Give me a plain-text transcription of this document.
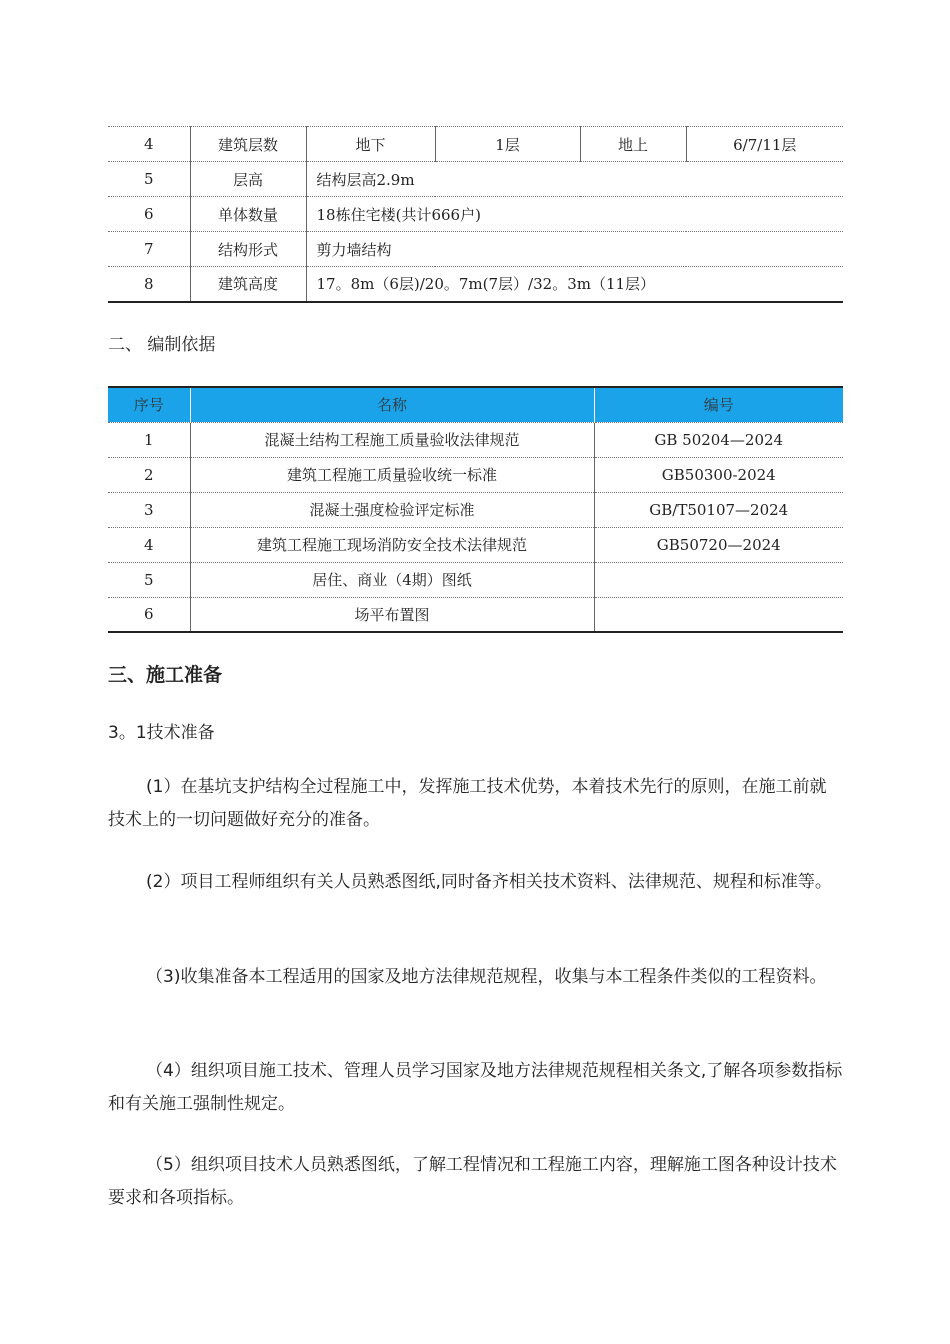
4	建筑层数	地下	1层	地上	6/7/11层
5	层高	结构层高2.9m			
6	单体数量	18栋住宅楼(共计666户)			
7	结构形式	剪力墙结构			
8	建筑高度	17。8m（6层)/20。7m(7层）/32。3m（11层）			
二、 编制依据
序号	名称	编号
1	混凝土结构工程施工质量验收法律规范	GB 50204—2024
2	建筑工程施工质量验收统一标准	GB50300-2024
3	混凝土强度检验评定标准	GB/T50107—2024
4	建筑工程施工现场消防安全技术法律规范	GB50720—2024
5	居住、商业（4期）图纸	
6	场平布置图	
三、施工准备
3。1技术准备

(1）在基坑支护结构全过程施工中，发挥施工技术优势，本着技术先行的原则，在施工前就技术上的一切问题做好充分的准备。

(2）项目工程师组织有关人员熟悉图纸,同时备齐相关技术资料、法律规范、规程和标准等。

（3)收集准备本工程适用的国家及地方法律规范规程，收集与本工程条件类似的工程资料。

（4）组织项目施工技术、管理人员学习国家及地方法律规范规程相关条文,了解各项参数指标和有关施工强制性规定。

（5）组织项目技术人员熟悉图纸，了解工程情况和工程施工内容，理解施工图各种设计技术要求和各项指标。
